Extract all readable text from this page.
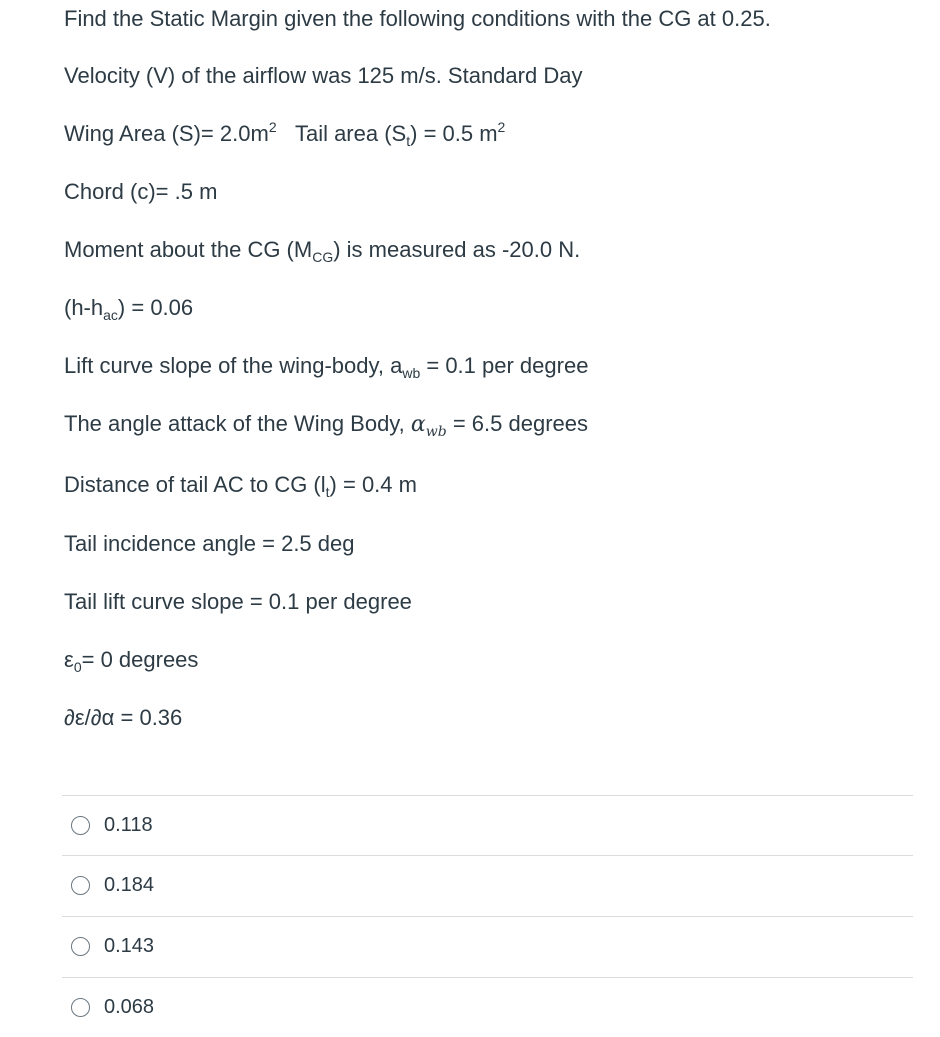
Find the Static Margin given the following conditions with the CG at 0.25.
Velocity (V) of the airflow was 125 m/s. Standard Day
Wing Area $(S)= 2.0m^2$ Tail area $(S_t) = 0.5$ $m^2$
Chord (c)= .5 m
Moment about the CG $(M_{CG})$ is measured as -20.0 N.
$(h-h_{ac}) = 0.06$
Lift curve slope of the wing-body, $a_{wb} = 0.1$ per degree
The angle attack of the Wing Body, $\alpha_{wb} = 6.5$ degrees
Distance of tail AC to CG $(l_t) = 0.4$ m
Tail incidence angle = 2.5 deg
Tail lift curve slope = 0.1 per degree
$\varepsilon_0= 0$ degrees
∂ε/∂α = 0.36
0.118
0.184
0.143
0.068
